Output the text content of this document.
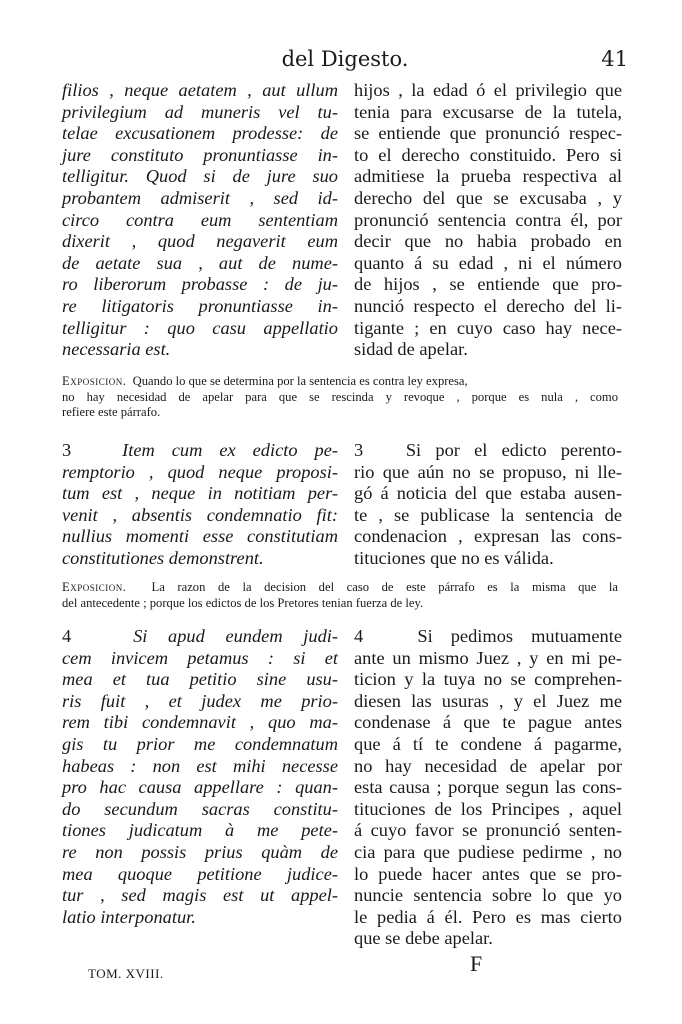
del Digesto.	41
filios , neque aetatem , aut ullum
privilegium ad muneris vel tu-
telae excusationem prodesse: de
jure constituto pronuntiasse in-
telligitur. Quod si de jure suo
probantem admiserit , sed id-
circo contra eum sententiam
dixerit , quod negaverit eum
de aetate sua , aut de nume-
ro liberorum probasse : de ju-
re litigatoris pronuntiasse in-
telligitur : quo casu appellatio
necessaria est.
hijos , la edad ó el privilegio que
tenia para excusarse de la tutela,
se entiende que pronunció respec-
to el derecho constituido. Pero si
admitiese la prueba respectiva al
derecho del que se excusaba , y
pronunció sentencia contra él, por
decir que no habia probado en
quanto á su edad , ni el número
de hijos , se entiende que pro-
nunció respecto el derecho del li-
tigante ; en cuyo caso hay nece-
sidad de apelar.
Exposicion. Quando lo que se determina por la sentencia es contra ley expresa,
no hay necesidad de apelar para que se rescinda y revoque , porque es nula , como
refiere este párrafo.
3	Item cum ex edicto pe-
remptorio , quod neque proposi-
tum est , neque in notitiam per-
venit , absentis condemnatio fit:
nullius momenti esse constitutiam
constitutiones demonstrent.
3 Si por el edicto perento-
rio que aún no se propuso, ni lle-
gó á noticia del que estaba ausen-
te , se publicase la sentencia de
condenacion , expresan las cons-
tituciones que no es válida.
Exposicion. La razon de la decision del caso de este párrafo es la misma que la
del antecedente ; porque los edictos de los Pretores tenian fuerza de ley.
4	Si apud eundem judi-
cem invicem petamus : si et
mea et tua petitio sine usu-
ris fuit , et judex me prio-
rem tibi condemnavit , quo ma-
gis tu prior me condemnatum
habeas : non est mihi necesse
pro hac causa appellare : quan-
do secundum sacras constitu-
tiones judicatum à me pete-
re non possis prius quàm de
mea quoque petitione judice-
tur , sed magis est ut appel-
latio interponatur.
4	Si pedimos mutuamente
ante un mismo Juez , y en mi pe-
ticion y la tuya no se comprehen-
diesen las usuras , y el Juez me
condenase á que te pague antes
que á tí te condene á pagarme,
no hay necesidad de apelar por
esta causa ; porque segun las cons-
tituciones de los Principes , aquel
á cuyo favor se pronunció senten-
cia para que pudiese pedirme , no
lo puede hacer antes que se pro-
nuncie sentencia sobre lo que yo
le pedia á él. Pero es mas cierto
que se debe apelar.
TOM. XVIII.	F
